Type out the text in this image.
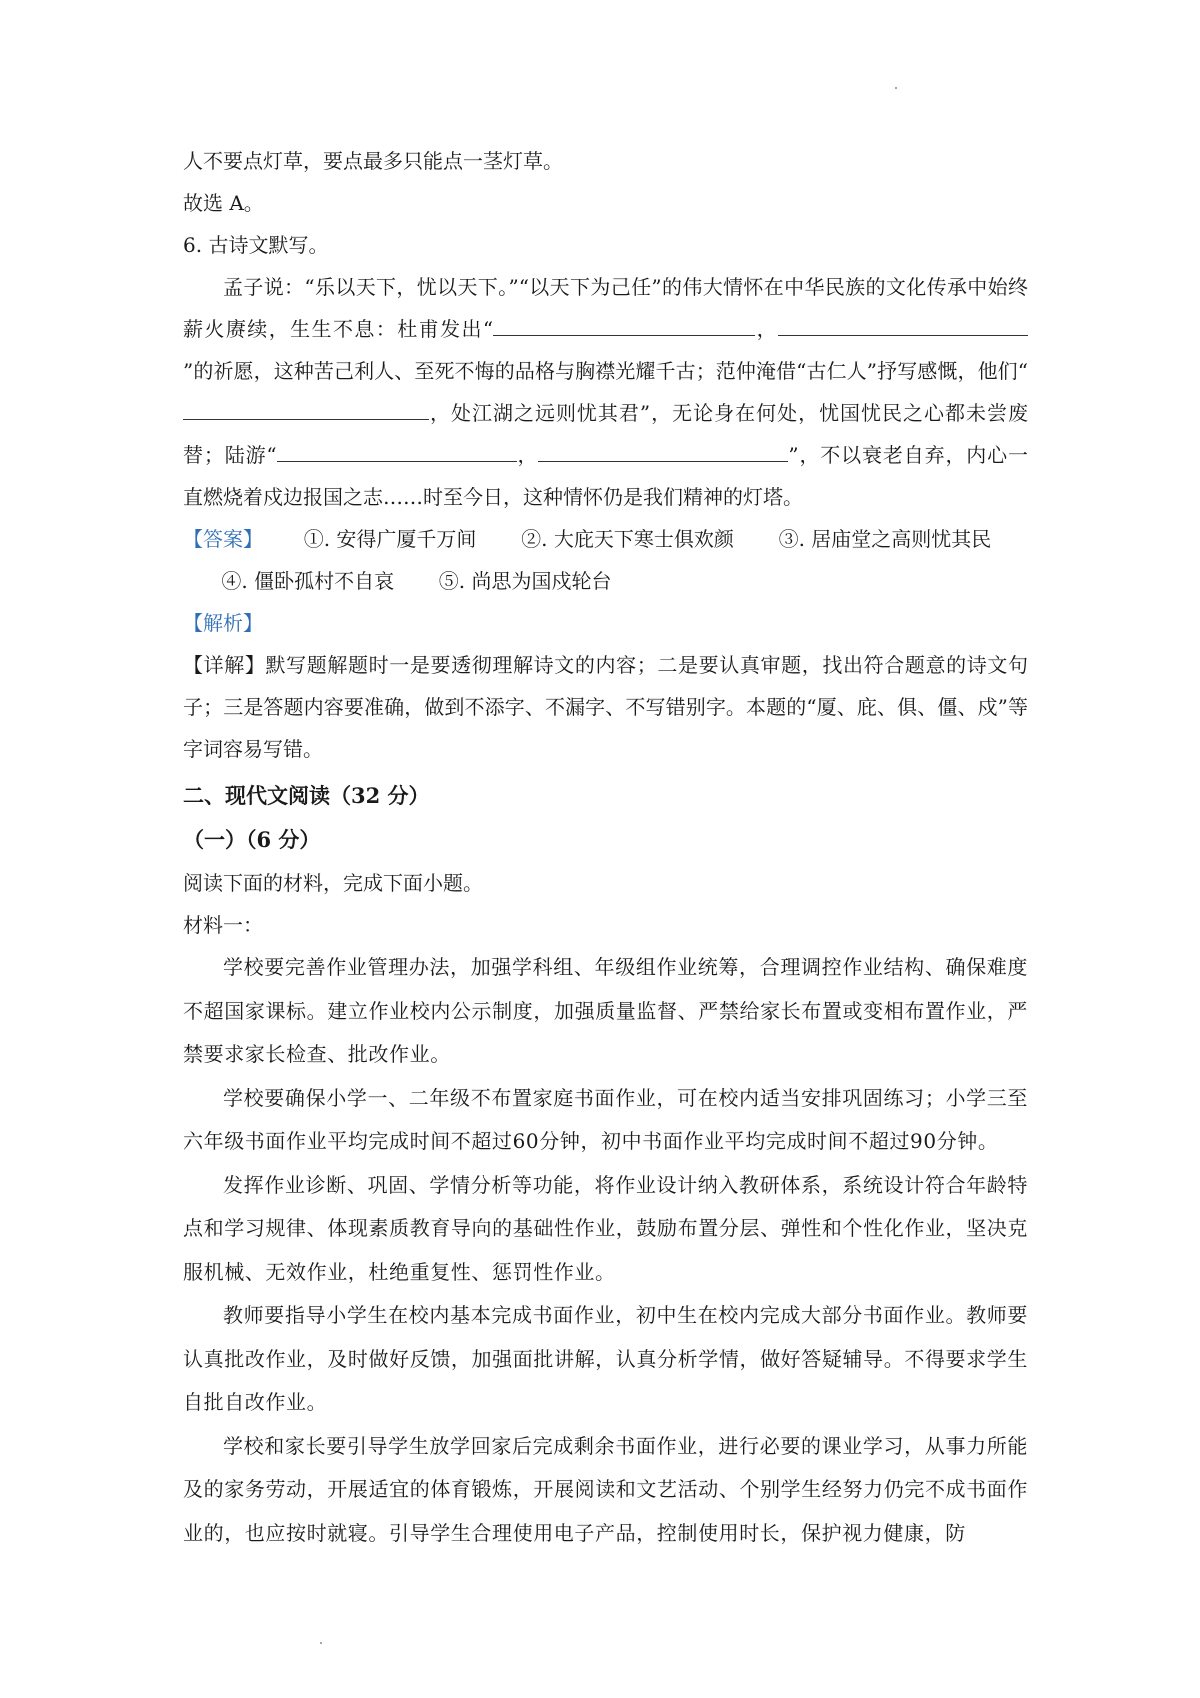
人不要点灯草，要点最多只能点一茎灯草。

故选 A。

6. 古诗文默写。

孟子说：“乐以天下，忧以天下。”“以天下为己任”的伟大情怀在中华民族的文化传承中始终薪火赓续，生生不息：杜甫发出“	，”的祈愿，这种苦己利人、至死不悔的品格与胸襟光耀千古；范仲淹借“古仁人”抒写感慨，他们“，处江湖之远则忧其君”，无论身在何处，忧国忧民之心都未尝废替；陆游“	，	”，不以衰老自弃，内心一直燃烧着戍边报国之志……时至今日，这种情怀仍是我们精神的灯塔。

【答案】 ①. 安得广厦千万间 ②. 大庇天下寒士俱欢颜 ③. 居庙堂之高则忧其民  ④. 僵卧孤村不自哀 ⑤. 尚思为国戍轮台

【解析】

【详解】默写题解题时一是要透彻理解诗文的内容；二是要认真审题，找出符合题意的诗文句子；三是答题内容要准确，做到不添字、不漏字、不写错别字。本题的“厦、庇、俱、僵、戍”等字词容易写错。

二、现代文阅读（32 分）

（一）（6 分）

阅读下面的材料，完成下面小题。

材料一：

学校要完善作业管理办法，加强学科组、年级组作业统筹，合理调控作业结构、确保难度不超国家课标。建立作业校内公示制度，加强质量监督、严禁给家长布置或变相布置作业，严禁要求家长检查、批改作业。

学校要确保小学一、二年级不布置家庭书面作业，可在校内适当安排巩固练习；小学三至六年级书面作业平均完成时间不超过60分钟，初中书面作业平均完成时间不超过90分钟。

发挥作业诊断、巩固、学情分析等功能，将作业设计纳入教研体系，系统设计符合年龄特点和学习规律、体现素质教育导向的基础性作业，鼓励布置分层、弹性和个性化作业，坚决克服机械、无效作业，杜绝重复性、惩罚性作业。

教师要指导小学生在校内基本完成书面作业，初中生在校内完成大部分书面作业。教师要认真批改作业，及时做好反馈，加强面批讲解，认真分析学情，做好答疑辅导。不得要求学生自批自改作业。

学校和家长要引导学生放学回家后完成剩余书面作业，进行必要的课业学习，从事力所能及的家务劳动，开展适宜的体育锻炼，开展阅读和文艺活动、个别学生经努力仍完不成书面作业的，也应按时就寝。引导学生合理使用电子产品，控制使用时长，保护视力健康，防
